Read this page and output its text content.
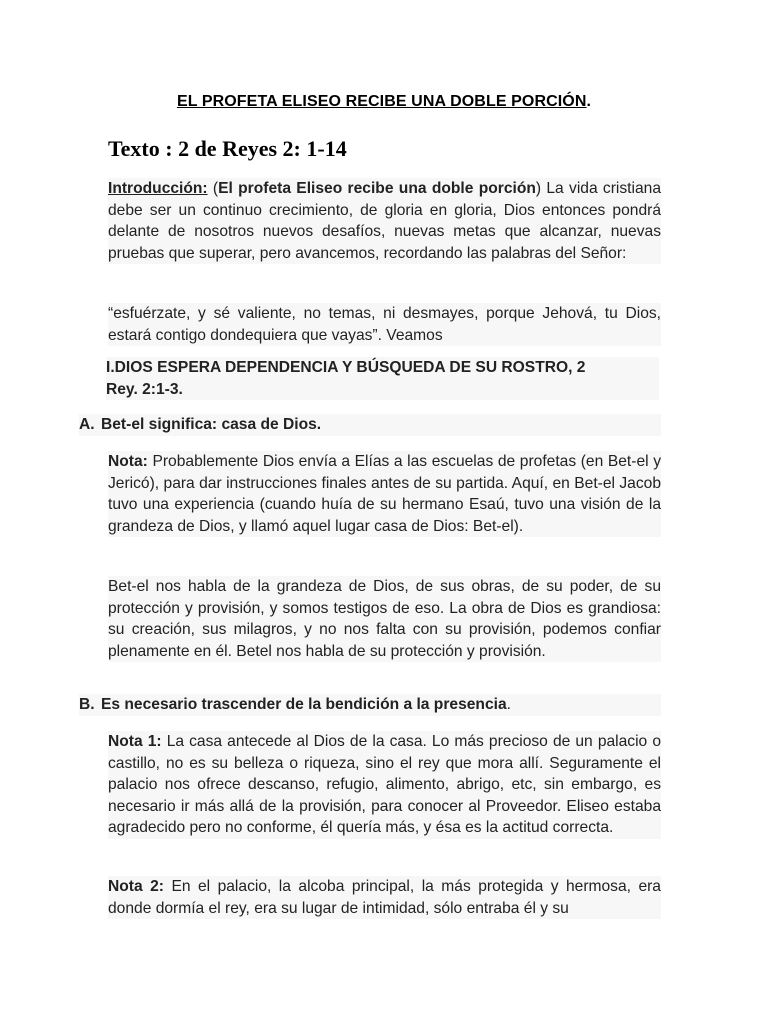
EL PROFETA ELISEO RECIBE UNA DOBLE PORCIÓN.
Texto : 2 de Reyes 2: 1-14

Introducción: (El profeta Eliseo recibe una doble porción) La vida cristiana debe ser un continuo crecimiento, de gloria en gloria, Dios entonces pondrá delante de nosotros nuevos desafíos, nuevas metas que alcanzar, nuevas pruebas que superar, pero avancemos, recordando las palabras del Señor:

“esfuérzate, y sé valiente, no temas, ni desmayes, porque Jehová, tu Dios, estará contigo dondequiera que vayas”. Veamos

I.DIOS ESPERA DEPENDENCIA Y BÚSQUEDA DE SU ROSTRO, 2
Rey. 2:1-3.
A. Bet-el significa: casa de Dios.

Nota: Probablemente Dios envía a Elías a las escuelas de profetas (en Bet-el y Jericó), para dar instrucciones finales antes de su partida. Aquí, en Bet-el Jacob tuvo una experiencia (cuando huía de su hermano Esaú, tuvo una visión de la grandeza de Dios, y llamó aquel lugar casa de Dios: Bet-el).

Bet-el nos habla de la grandeza de Dios, de sus obras, de su poder, de su protección y provisión, y somos testigos de eso. La obra de Dios es grandiosa: su creación, sus milagros, y no nos falta con su provisión, podemos confiar plenamente en él. Betel nos habla de su protección y provisión.

B. Es necesario trascender de la bendición a la presencia.

Nota 1: La casa antecede al Dios de la casa. Lo más precioso de un palacio o castillo, no es su belleza o riqueza, sino el rey que mora allí. Seguramente el palacio nos ofrece descanso, refugio, alimento, abrigo, etc, sin embargo, es necesario ir más allá de la provisión, para conocer al Proveedor. Eliseo estaba agradecido pero no conforme, él quería más, y ésa es la actitud correcta.

Nota 2: En el palacio, la alcoba principal, la más protegida y hermosa, era donde dormía el rey, era su lugar de intimidad, sólo entraba él y su
